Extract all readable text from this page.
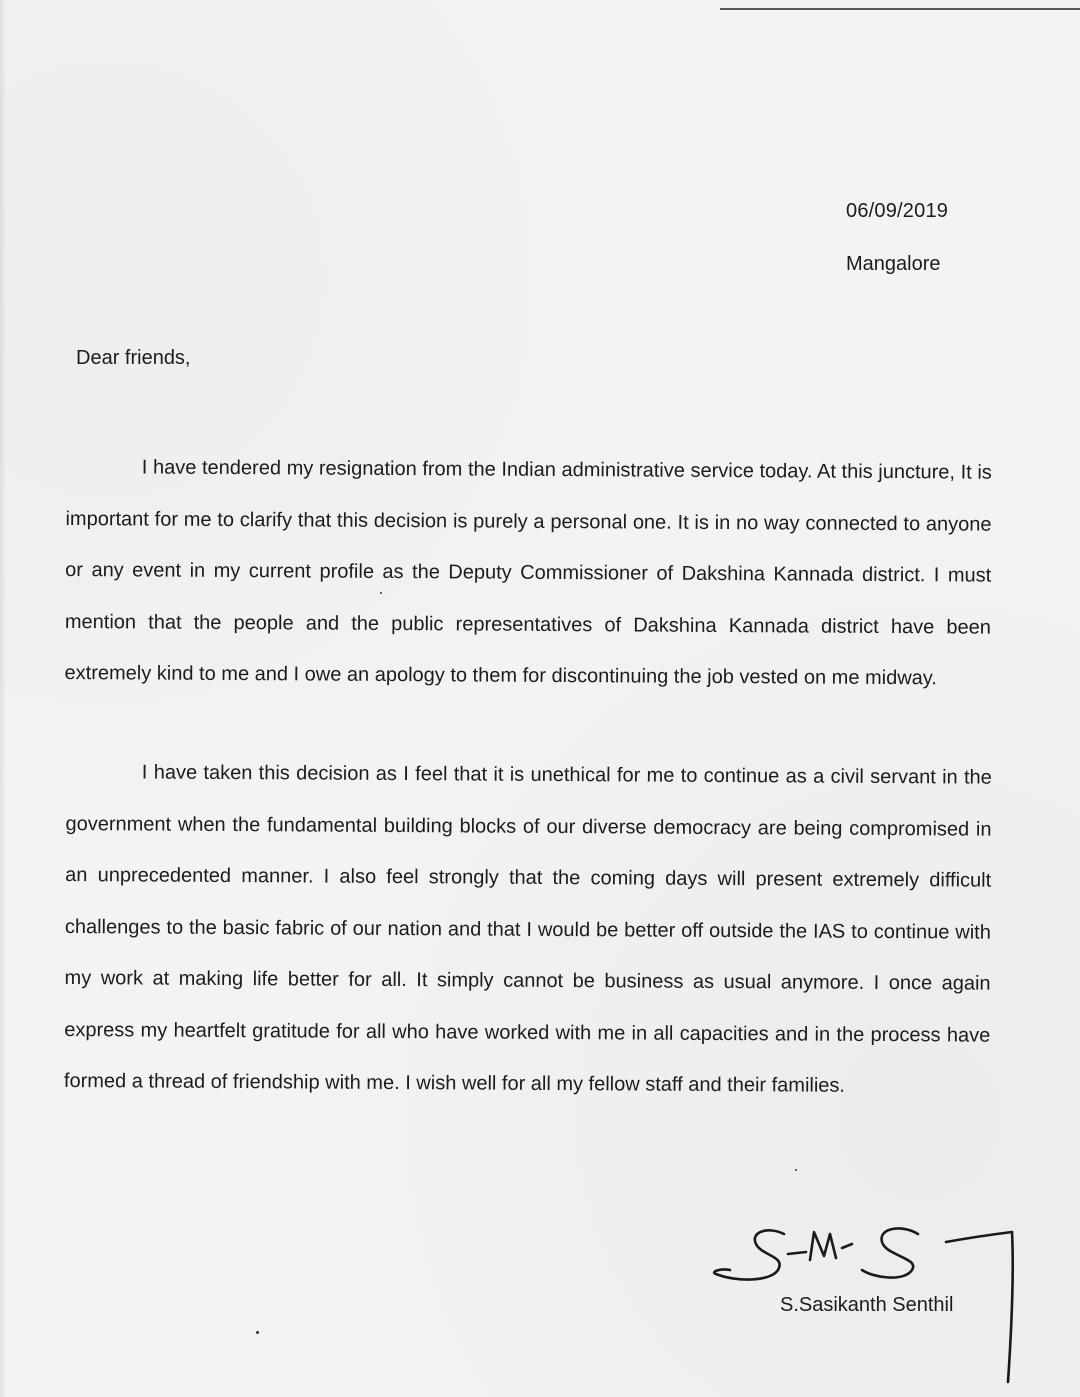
06/09/2019
Mangalore
Dear friends,

I have tendered my resignation from the Indian administrative service today. At this juncture, It is important for me to clarify that this decision is purely a personal one. It is in no way connected to anyone or any event in my current profile as the Deputy Commissioner of Dakshina Kannada district. I must mention that the people and the public representatives of Dakshina Kannada district have been extremely kind to me and I owe an apology to them for discontinuing the job vested on me midway.

I have taken this decision as I feel that it is unethical for me to continue as a civil servant in the government when the fundamental building blocks of our diverse democracy are being compromised in an unprecedented manner. I also feel strongly that the coming days will present extremely difficult challenges to the basic fabric of our nation and that I would be better off outside the IAS to continue with my work at making life better for all. It simply cannot be business as usual anymore. I once again express my heartfelt gratitude for all who have worked with me in all capacities and in the process have formed a thread of friendship with me. I wish well for all my fellow staff and their families.

S.Sasikanth Senthil
